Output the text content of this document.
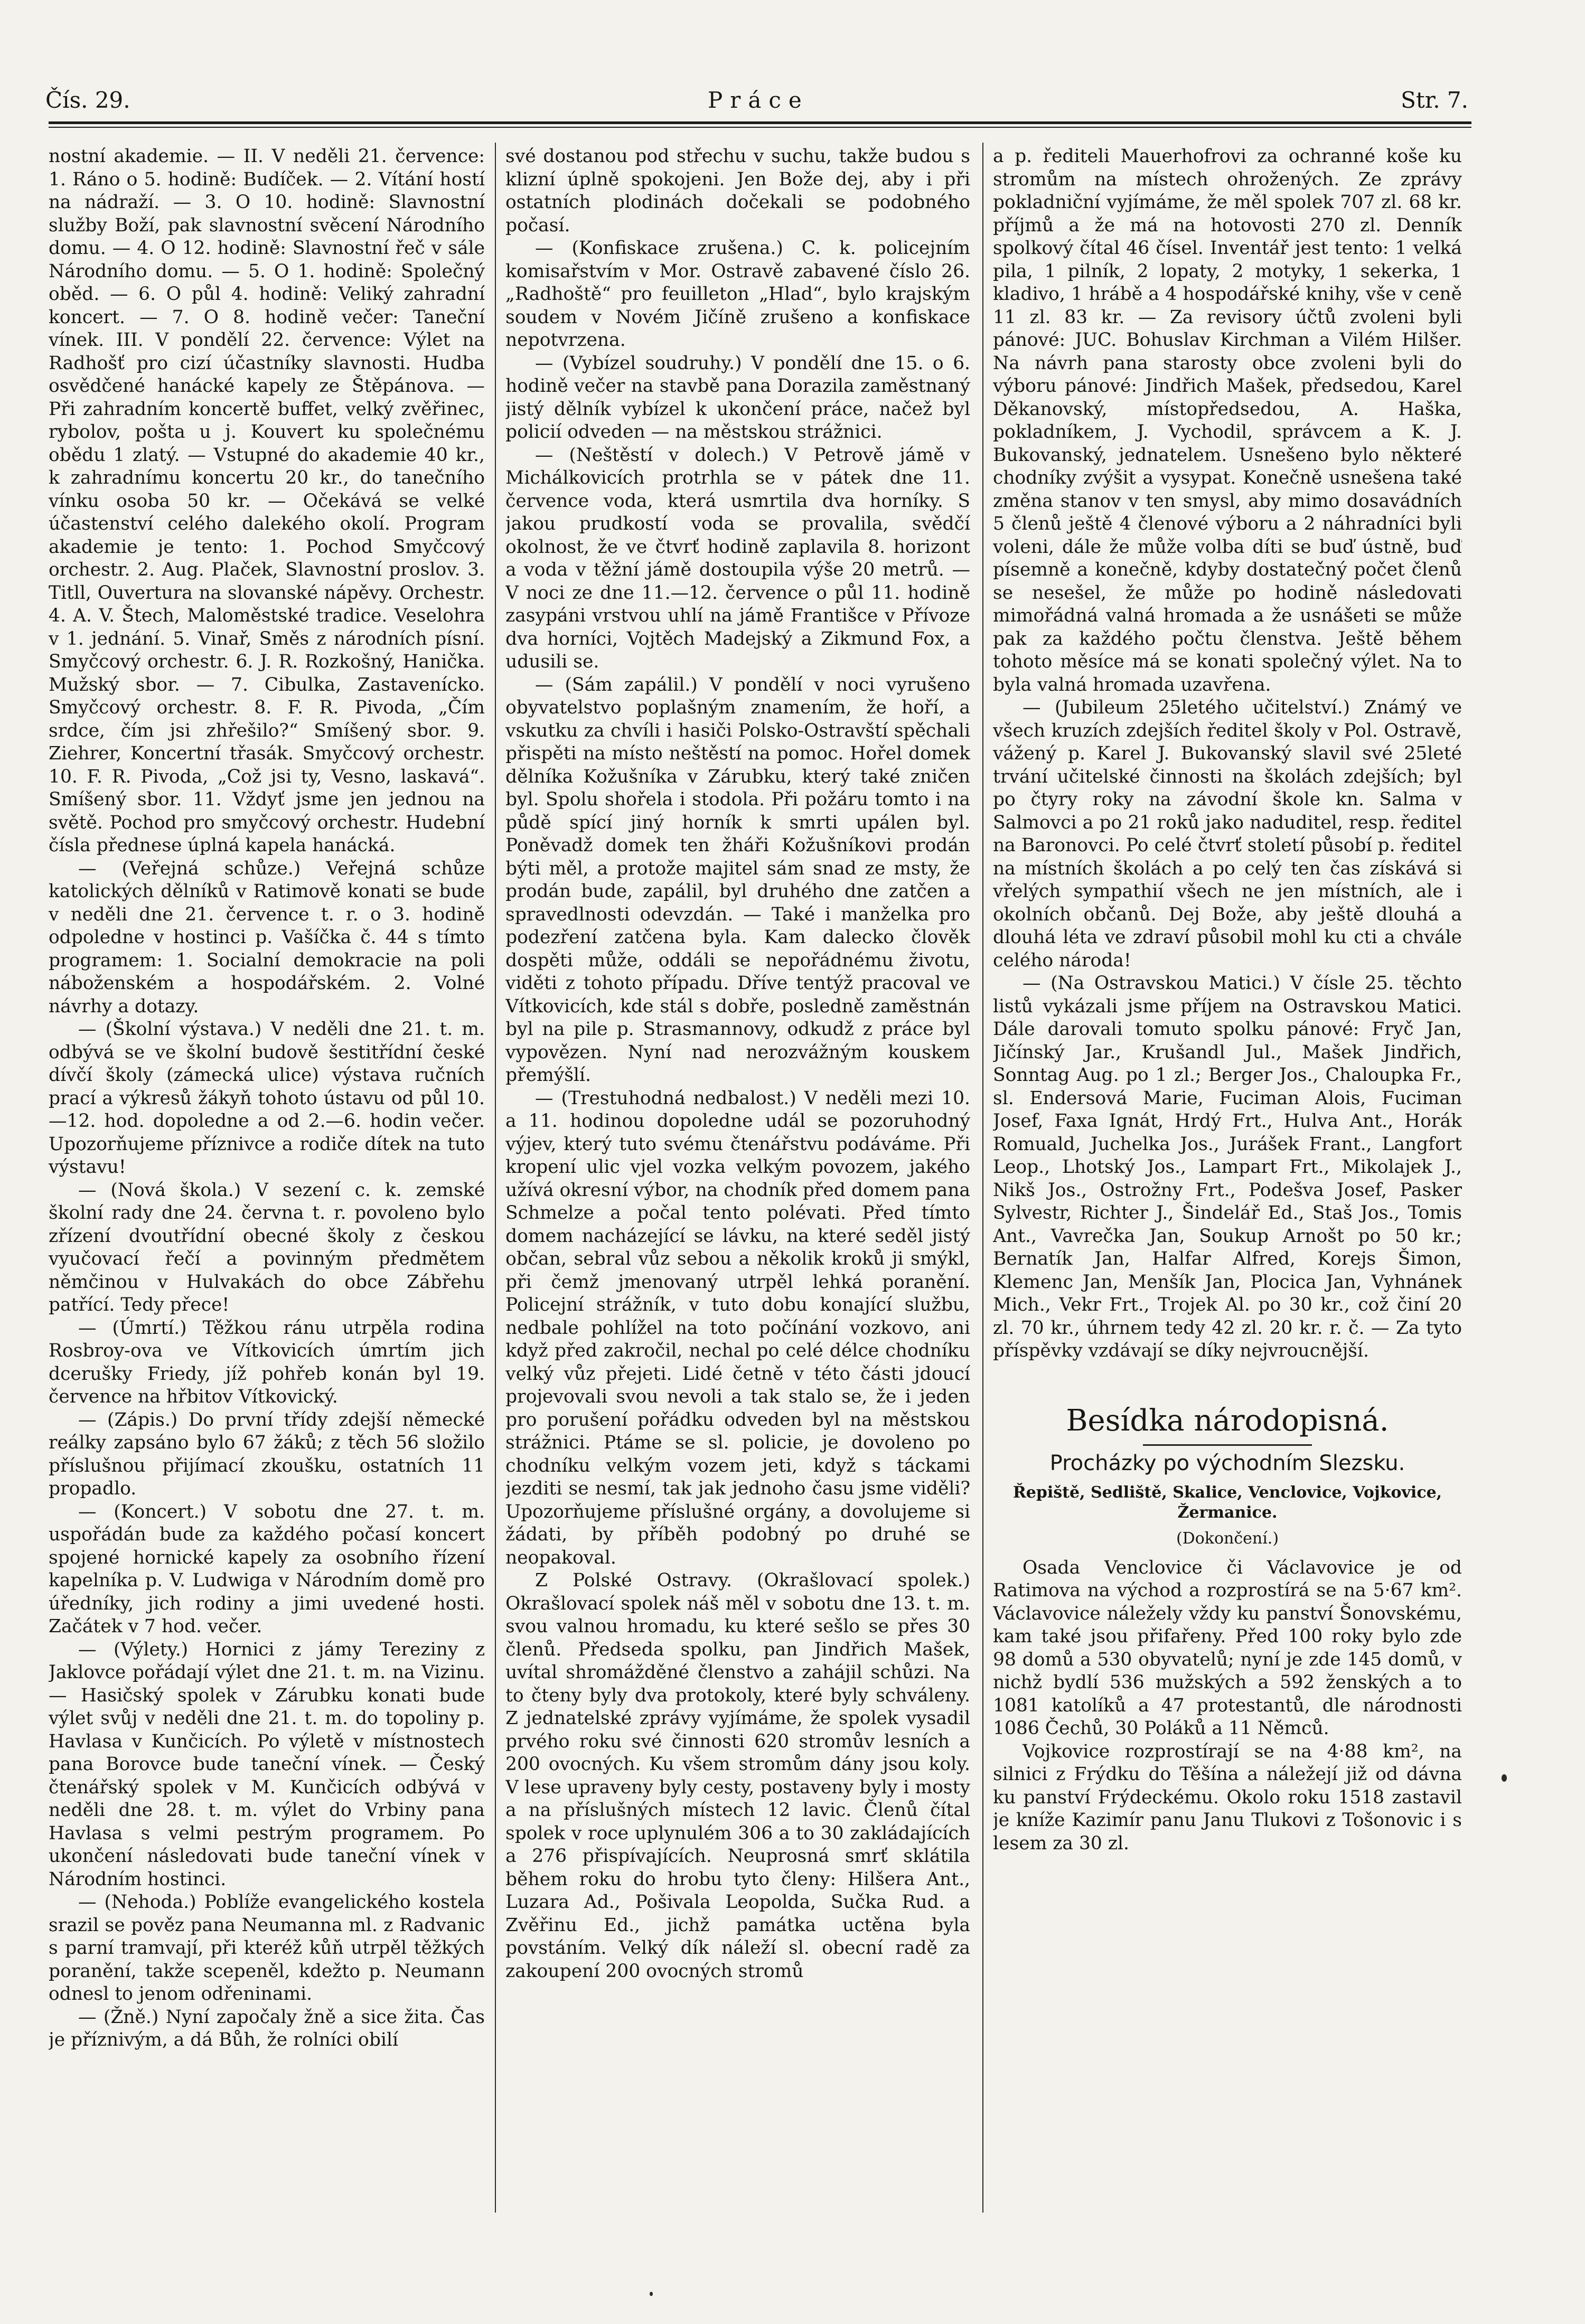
Čís. 29.	Práce	Str. 7.

nostní akademie. — II. V neděli 21. července: 1. Ráno o 5. hodině: Budíček. — 2. Vítání hostí na nádraží. — 3. O 10. hodině: Slavnostní služby Boží, pak slavnostní svěcení Národního domu. — 4. O 12. hodině: Slavnostní řeč v sále Národního domu. — 5. O 1. hodině: Společný oběd. — 6. O půl 4. hodině: Veliký zahradní koncert. — 7. O 8. hodině večer: Taneční vínek. III. V pondělí 22. července: Výlet na Radhošť pro cizí účastníky slavnosti. Hudba osvědčené hanácké kapely ze Štěpánova. — Při zahradním koncertě buffet, velký zvěřinec, rybolov, pošta u j. Kouvert ku společnému obědu 1 zlatý. — Vstupné do akademie 40 kr., k zahradnímu koncertu 20 kr., do tanečního vínku osoba 50 kr. — Očekává se velké účastenství celého dalekého okolí. Program akademie je tento: 1. Pochod Smyčcový orchestr. 2. Aug. Plaček, Slavnostní proslov. 3. Titll, Ouvertura na slovanské nápěvy. Orchestr. 4. A. V. Štech, Maloměstské tradice. Veselohra v 1. jednání. 5. Vinař, Směs z národních písní. Smyčcový orchestr. 6. J. R. Rozkošný, Hanička. Mužský sbor. — 7. Cibulka, Zastavenícko. Smyčcový orchestr. 8. F. R. Pivoda, „Čím srdce, čím jsi zhřešilo?“ Smíšený sbor. 9. Ziehrer, Koncertní třasák. Smyčcový orchestr. 10. F. R. Pivoda, „Což jsi ty, Vesno, laskavá“. Smíšený sbor. 11. Vždyť jsme jen jednou na světě. Pochod pro smyčcový orchestr. Hudební čísla přednese úplná kapela hanácká.

— (Veřejná schůze.) Veřejná schůze katolických dělníků v Ratimově konati se bude v neděli dne 21. července t. r. o 3. hodině odpoledne v hostinci p. Vašíčka č. 44 s tímto programem: 1. Socialní demokracie na poli náboženském a hospodářském. 2. Volné návrhy a dotazy.

— (Školní výstava.) V neděli dne 21. t. m. odbývá se ve školní budově šestitřídní české dívčí školy (zámecká ulice) výstava ručních prací a výkresů žákyň tohoto ústavu od půl 10.—12. hod. dopoledne a od 2.—6. hodin večer. Upozorňujeme příznivce a rodiče dítek na tuto výstavu!

— (Nová škola.) V sezení c. k. zemské školní rady dne 24. června t. r. povoleno bylo zřízení dvoutřídní obecné školy z českou vyučovací řečí a povinným předmětem němčinou v Hulvakách do obce Zábřehu patřící. Tedy přece!

— (Úmrtí.) Těžkou ránu utrpěla rodina Rosbroy-ova ve Vítkovicích úmrtím jich dcerušky Friedy, jíž pohřeb konán byl 19. července na hřbitov Vítkovický.

— (Zápis.) Do první třídy zdejší německé reálky zapsáno bylo 67 žáků; z těch 56 složilo příslušnou přijímací zkoušku, ostatních 11 propadlo.

— (Koncert.) V sobotu dne 27. t. m. uspořádán bude za každého počasí koncert spojené hornické kapely za osobního řízení kapelníka p. V. Ludwiga v Národním domě pro úředníky, jich rodiny a jimi uvedené hosti. Začátek v 7 hod. večer.

— (Výlety.) Hornici z jámy Tereziny z Jaklovce pořádají výlet dne 21. t. m. na Vizinu. — Hasičský spolek v Zárubku konati bude výlet svůj v neděli dne 21. t. m. do topoliny p. Havlasa v Kunčicích. Po výletě v místnostech pana Borovce bude taneční vínek. — Český čtenářský spolek v M. Kunčicích odbývá v neděli dne 28. t. m. výlet do Vrbiny pana Havlasa s velmi pestrým programem. Po ukončení následovati bude taneční vínek v Národním hostinci.

— (Nehoda.) Poblíže evangelického kostela srazil se pověz pana Neumanna ml. z Radvanic s parní tramvají, při kteréž kůň utrpěl těžkých poranění, takže scepeněl, kdežto p. Neumann odnesl to jenom odřeninami.

— (Žně.) Nyní započaly žně a sice žita. Čas je příznivým, a dá Bůh, že rolníci obilí

své dostanou pod střechu v suchu, takže budou s klizní úplně spokojeni. Jen Bože dej, aby i při ostatních plodinách dočekali se podobného počasí.

— (Konfiskace zrušena.) C. k. policejním komisařstvím v Mor. Ostravě zabavené číslo 26. „Radhoště“ pro feuilleton „Hlad“, bylo krajským soudem v Novém Jičíně zrušeno a konfiskace nepotvrzena.

— (Vybízel soudruhy.) V pondělí dne 15. o 6. hodině večer na stavbě pana Dorazila zaměstnaný jistý dělník vybízel k ukončení práce, načež byl policií odveden — na městskou strážnici.

— (Neštěstí v dolech.) V Petrově jámě v Michálkovicích protrhla se v pátek dne 11. července voda, která usmrtila dva horníky. S jakou prudkostí voda se provalila, svědčí okolnost, že ve čtvrť hodině zaplavila 8. horizont a voda v těžní jámě dostoupila výše 20 metrů. — V noci ze dne 11.—12. července o půl 11. hodině zasypáni vrstvou uhlí na jámě Františce v Přívoze dva horníci, Vojtěch Madejský a Zikmund Fox, a udusili se.

— (Sám zapálil.) V pondělí v noci vyrušeno obyvatelstvo poplašným znamením, že hoří, a vskutku za chvíli i hasiči Polsko-Ostravští spěchali přispěti na místo neštěstí na pomoc. Hořel domek dělníka Kožušníka v Zárubku, který také zničen byl. Spolu shořela i stodola. Při požáru tomto i na půdě spící jiný horník k smrti upálen byl. Poněvadž domek ten žháři Kožušníkovi prodán býti měl, a protože majitel sám snad ze msty, že prodán bude, zapálil, byl druhého dne zatčen a spravedlnosti odevzdán. — Také i manželka pro podezření zatčena byla. Kam dalecko člověk dospěti může, oddáli se nepořádnému životu, viděti z tohoto případu. Dříve tentýž pracoval ve Vítkovicích, kde stál s dobře, posledně zaměstnán byl na pile p. Strasmannovy, odkudž z práce byl vypovězen. Nyní nad nerozvážným kouskem přemýšlí.

— (Trestuhodná nedbalost.) V neděli mezi 10. a 11. hodinou dopoledne udál se pozoruhodný výjev, který tuto svému čtenářstvu podáváme. Při kropení ulic vjel vozka velkým povozem, jakého užívá okresní výbor, na chodník před domem pana Schmelze a počal tento polévati. Před tímto domem nacházející se lávku, na které seděl jistý občan, sebral vůz sebou a několik kroků ji smýkl, při čemž jmenovaný utrpěl lehká poranění. Policejní strážník, v tuto dobu konající službu, nedbale pohlížel na toto počínání vozkovo, ani když před zakročil, nechal po celé délce chodníku velký vůz přejeti. Lidé četně v této části jdoucí projevovali svou nevoli a tak stalo se, že i jeden pro porušení pořádku odveden byl na městskou strážnici. Ptáme se sl. policie, je dovoleno po chodníku velkým vozem jeti, když s táckami jezditi se nesmí, tak jak jednoho času jsme viděli? Upozorňujeme příslušné orgány, a dovolujeme si žádati, by příběh podobný po druhé se neopakoval.

Z Polské Ostravy. (Okrašlovací spolek.) Okrašlovací spolek náš měl v sobotu dne 13. t. m. svou valnou hromadu, ku které sešlo se přes 30 členů. Předseda spolku, pan Jindřich Mašek, uvítal shromážděné členstvo a zahájil schůzi. Na to čteny byly dva protokoly, které byly schváleny. Z jednatelské zprávy vyjímáme, že spolek vysadil prvého roku své činnosti 620 stromův lesních a 200 ovocných. Ku všem stromům dány jsou koly. V lese upraveny byly cesty, postaveny byly i mosty a na příslušných místech 12 lavic. Členů čítal spolek v roce uplynulém 306 a to 30 zakládajících a 276 přispívajících. Neuprosná smrť sklátila během roku do hrobu tyto členy: Hilšera Ant., Luzara Ad., Pošivala Leopolda, Sučka Rud. a Zvěřinu Ed., jichž památka uctěna byla povstáním. Velký dík náleží sl. obecní radě za zakoupení 200 ovocných stromů

a p. řediteli Mauerhofrovi za ochranné koše ku stromům na místech ohrožených. Ze zprávy pokladniční vyjímáme, že měl spolek 707 zl. 68 kr. příjmů a že má na hotovosti 270 zl. Denník spolkový čítal 46 čísel. Inventář jest tento: 1 velká pila, 1 pilník, 2 lopaty, 2 motyky, 1 sekerka, 1 kladivo, 1 hrábě a 4 hospodářské knihy, vše v ceně 11 zl. 83 kr. — Za revisory účtů zvoleni byli pánové: JUC. Bohuslav Kirchman a Vilém Hilšer. Na návrh pana starosty obce zvoleni byli do výboru pánové: Jindřich Mašek, předsedou, Karel Děkanovský, místopředsedou, A. Haška, pokladníkem, J. Vychodil, správcem a K. J. Bukovanský, jednatelem. Usnešeno bylo některé chodníky zvýšit a vysypat. Konečně usnešena také změna stanov v ten smysl, aby mimo dosavádních 5 členů ještě 4 členové výboru a 2 náhradníci byli voleni, dále že může volba díti se buď ústně, buď písemně a konečně, kdyby dostatečný počet členů se nesešel, že může po hodině následovati mimořádná valná hromada a že usnášeti se může pak za každého počtu členstva. Ještě během tohoto měsíce má se konati společný výlet. Na to byla valná hromada uzavřena.

— (Jubileum 25letého učitelství.) Známý ve všech kruzích zdejších ředitel školy v Pol. Ostravě, vážený p. Karel J. Bukovanský slavil své 25leté trvání učitelské činnosti na školách zdejších; byl po čtyry roky na závodní škole kn. Salma v Salmovci a po 21 roků jako naduditel, resp. ředitel na Baronovci. Po celé čtvrť století působí p. ředitel na místních školách a po celý ten čas získává si vřelých sympathií všech ne jen místních, ale i okolních občanů. Dej Bože, aby ještě dlouhá a dlouhá léta ve zdraví působil mohl ku cti a chvále celého národa!

— (Na Ostravskou Matici.) V čísle 25. těchto listů vykázali jsme příjem na Ostravskou Matici. Dále darovali tomuto spolku pánové: Fryč Jan, Jičínský Jar., Krušandl Jul., Mašek Jindřich, Sonntag Aug. po 1 zl.; Berger Jos., Chaloupka Fr., sl. Endersová Marie, Fuciman Alois, Fuciman Josef, Faxa Ignát, Hrdý Frt., Hulva Ant., Horák Romuald, Juchelka Jos., Jurášek Frant., Langfort Leop., Lhotský Jos., Lampart Frt., Mikolajek J., Nikš Jos., Ostrožny Frt., Podešva Josef, Pasker Sylvestr, Richter J., Šindelář Ed., Staš Jos., Tomis Ant., Vavrečka Jan, Soukup Arnošt po 50 kr.; Bernatík Jan, Halfar Alfred, Korejs Šimon, Klemenc Jan, Menšík Jan, Plocica Jan, Vyhnánek Mich., Vekr Frt., Trojek Al. po 30 kr., což činí 20 zl. 70 kr., úhrnem tedy 42 zl. 20 kr. r. č. — Za tyto příspěvky vzdávají se díky nejvroucnější.

Besídka národopisná.
Procházky po východním Slezsku.
Řepiště, Sedliště, Skalice, Venclovice, Vojkovice, Žermanice.
(Dokončení.)

Osada Venclovice či Václavovice je od Ratimova na východ a rozprostírá se na 5·67 km². Václavovice náležely vždy ku panství Šonovskému, kam také jsou přifařeny. Před 100 roky bylo zde 98 domů a 530 obyvatelů; nyní je zde 145 domů, v nichž bydlí 536 mužských a 592 ženských a to 1081 katolíků a 47 protestantů, dle národnosti 1086 Čechů, 30 Poláků a 11 Němců.

Vojkovice rozprostírají se na 4·88 km², na silnici z Frýdku do Těšína a náležejí již od dávna ku panství Frýdeckému. Okolo roku 1518 zastavil je kníže Kazimír panu Janu Tlukovi z Tošonovic i s lesem za 30 zl.
